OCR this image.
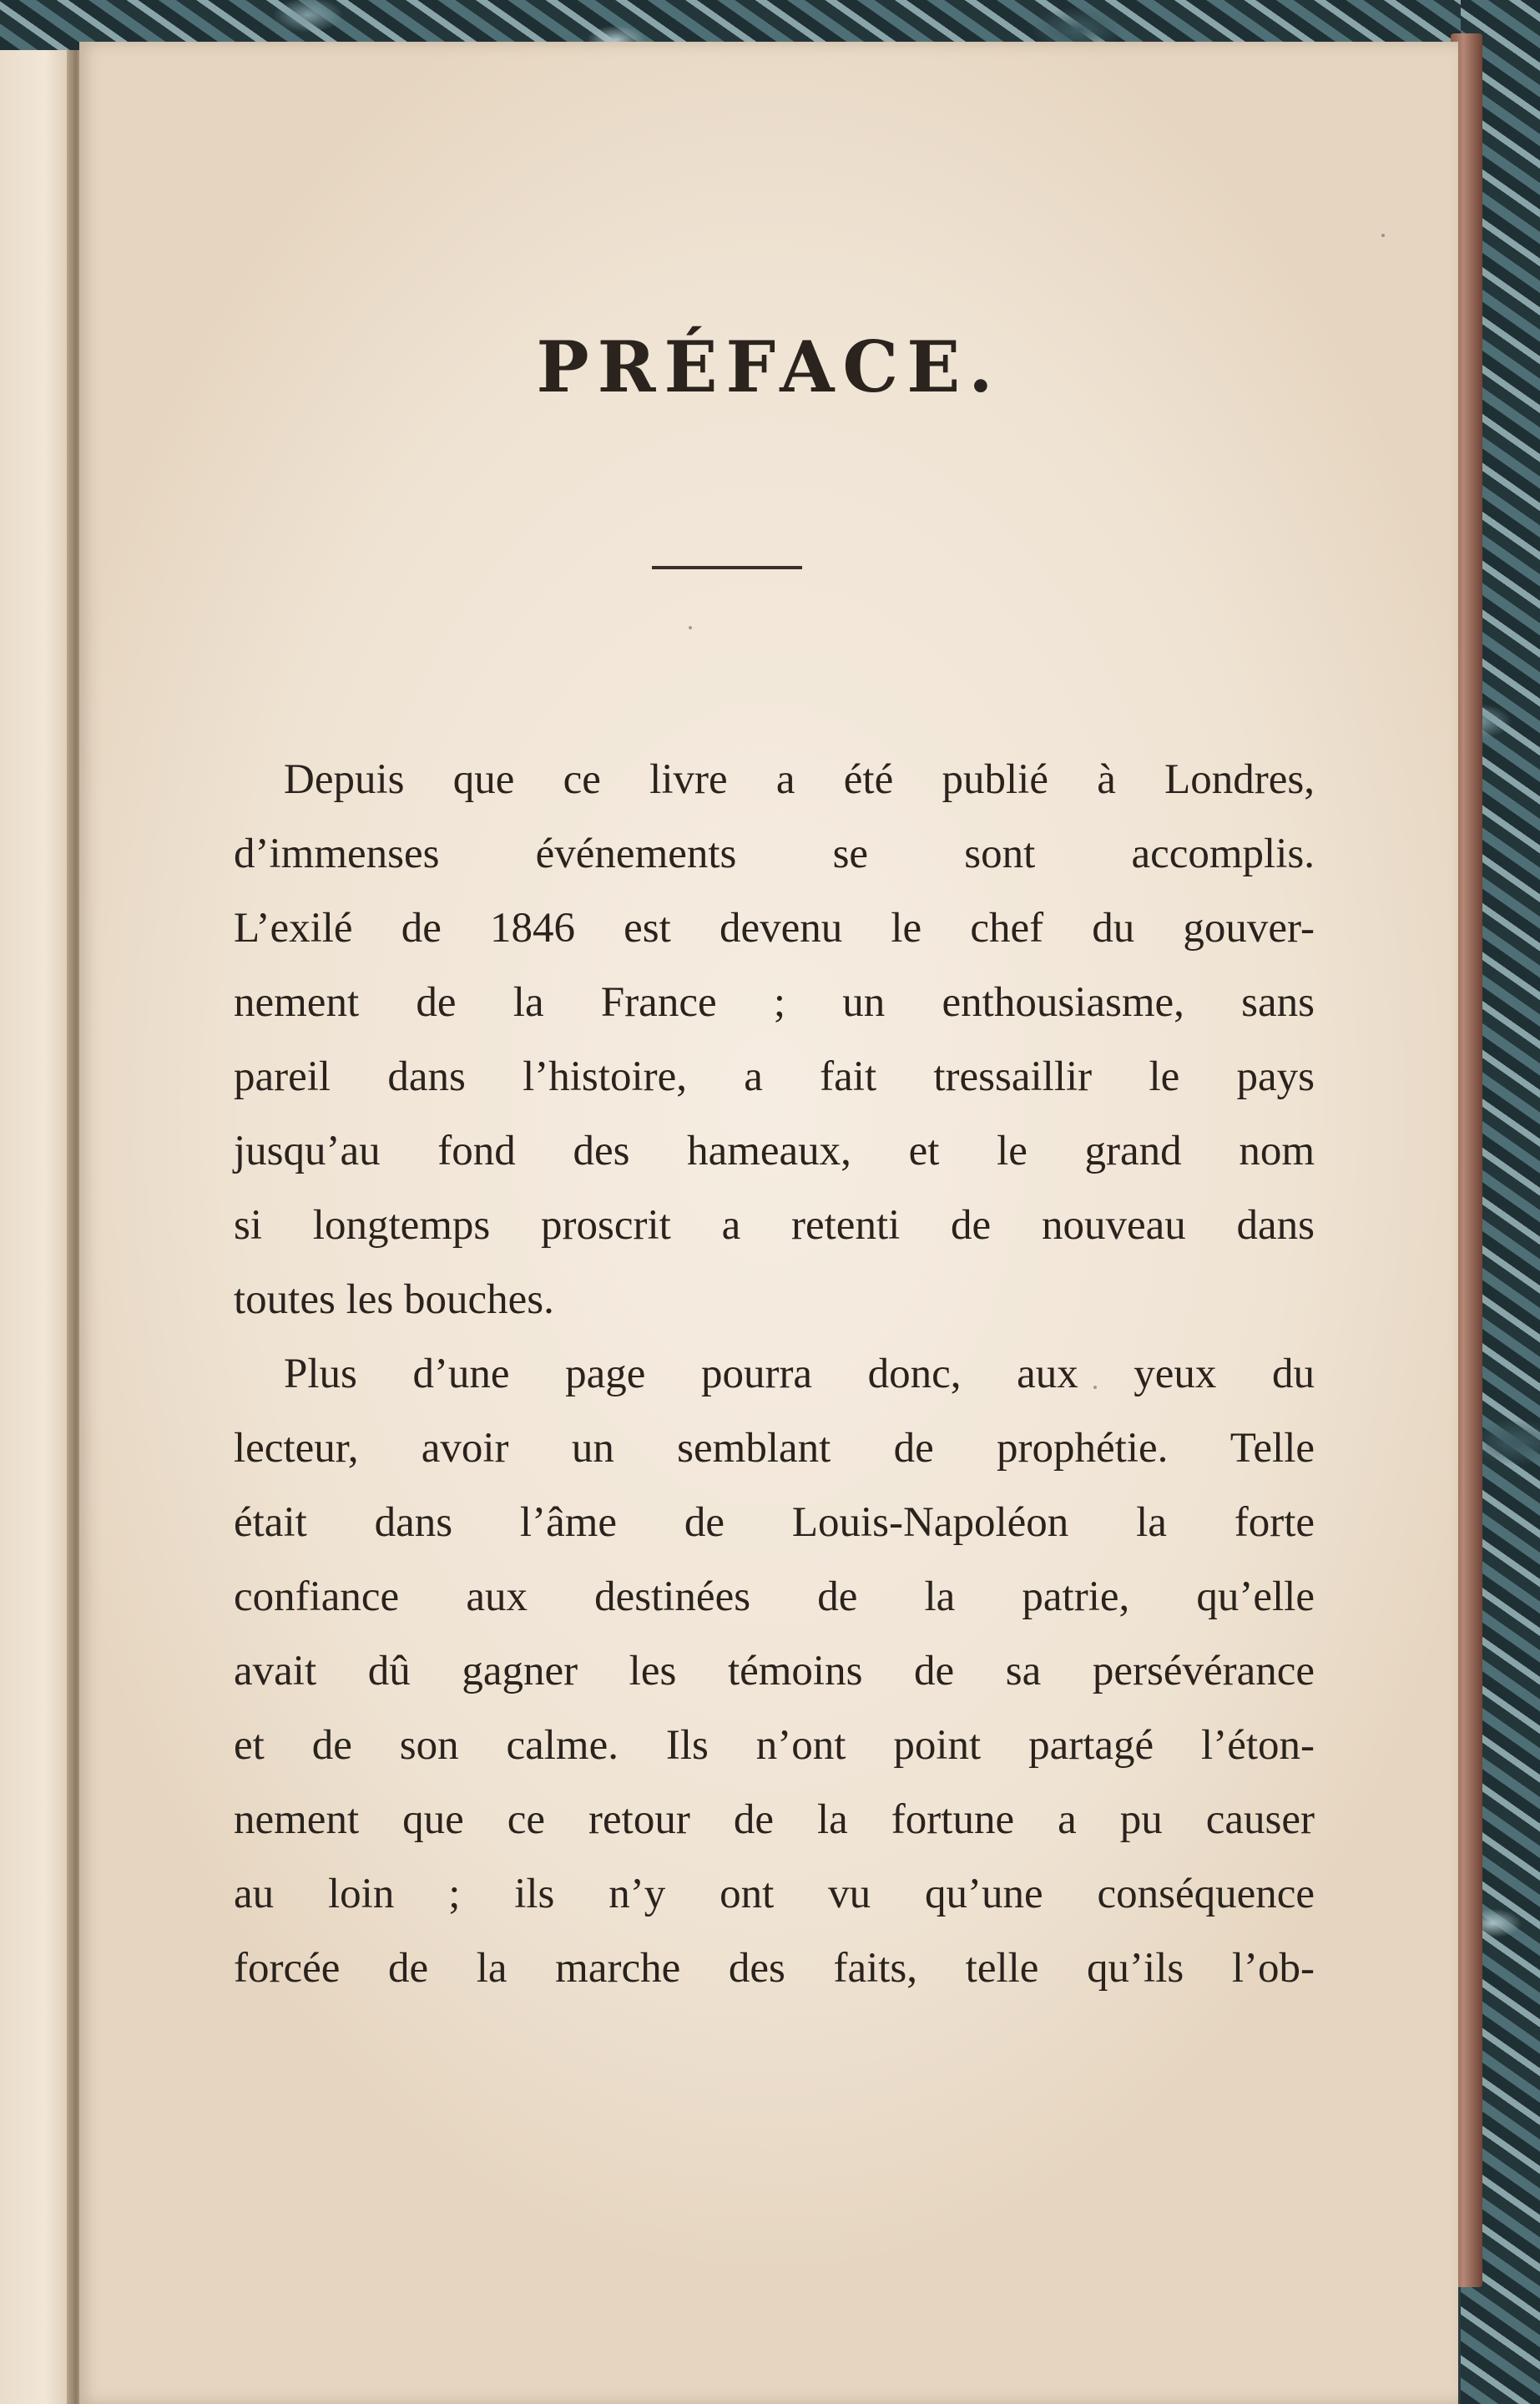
PRÉFACE.

Depuis que ce livre a été publié à Londres,
d’immenses événements se sont accomplis.
L’exilé de 1846 est devenu le chef du gouver-
nement de la France ; un enthousiasme, sans
pareil dans l’histoire, a fait tressaillir le pays
jusqu’au fond des hameaux, et le grand nom
si longtemps proscrit a retenti de nouveau dans
toutes les bouches.

Plus d’une page pourra donc, aux yeux du
lecteur, avoir un semblant de prophétie. Telle
était dans l’âme de Louis-Napoléon la forte
confiance aux destinées de la patrie, qu’elle
avait dû gagner les témoins de sa persévérance
et de son calme. Ils n’ont point partagé l’éton-
nement que ce retour de la fortune a pu causer
au loin ; ils n’y ont vu qu’une conséquence
forcée de la marche des faits, telle qu’ils l’ob-
